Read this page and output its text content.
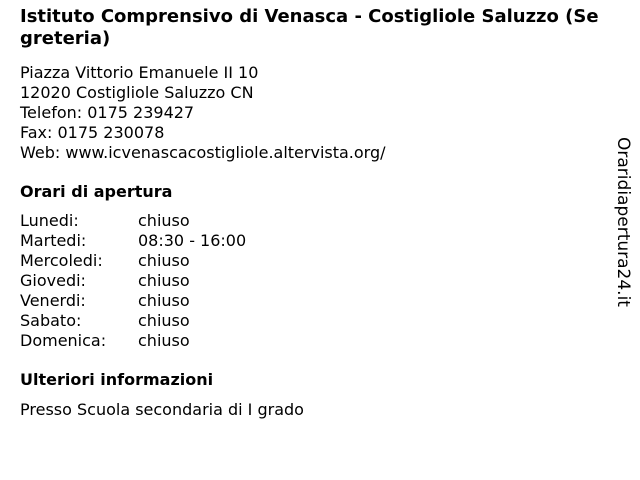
Istituto Comprensivo di Venasca - Costigliole Saluzzo (Segreteria)
Piazza Vittorio Emanuele II 10
12020 Costigliole Saluzzo CN
Telefon: 0175 239427
Fax: 0175 230078
Web: www.icvenascacostigliole.altervista.org/
Orari di apertura
Lunedi:	chiuso
Martedi:	08:30 - 16:00
Mercoledi:	chiuso
Giovedi:	chiuso
Venerdi:	chiuso
Sabato:	chiuso
Domenica:	chiuso
Ulteriori informazioni
Presso Scuola secondaria di I grado
Oraridiapertura24.it
